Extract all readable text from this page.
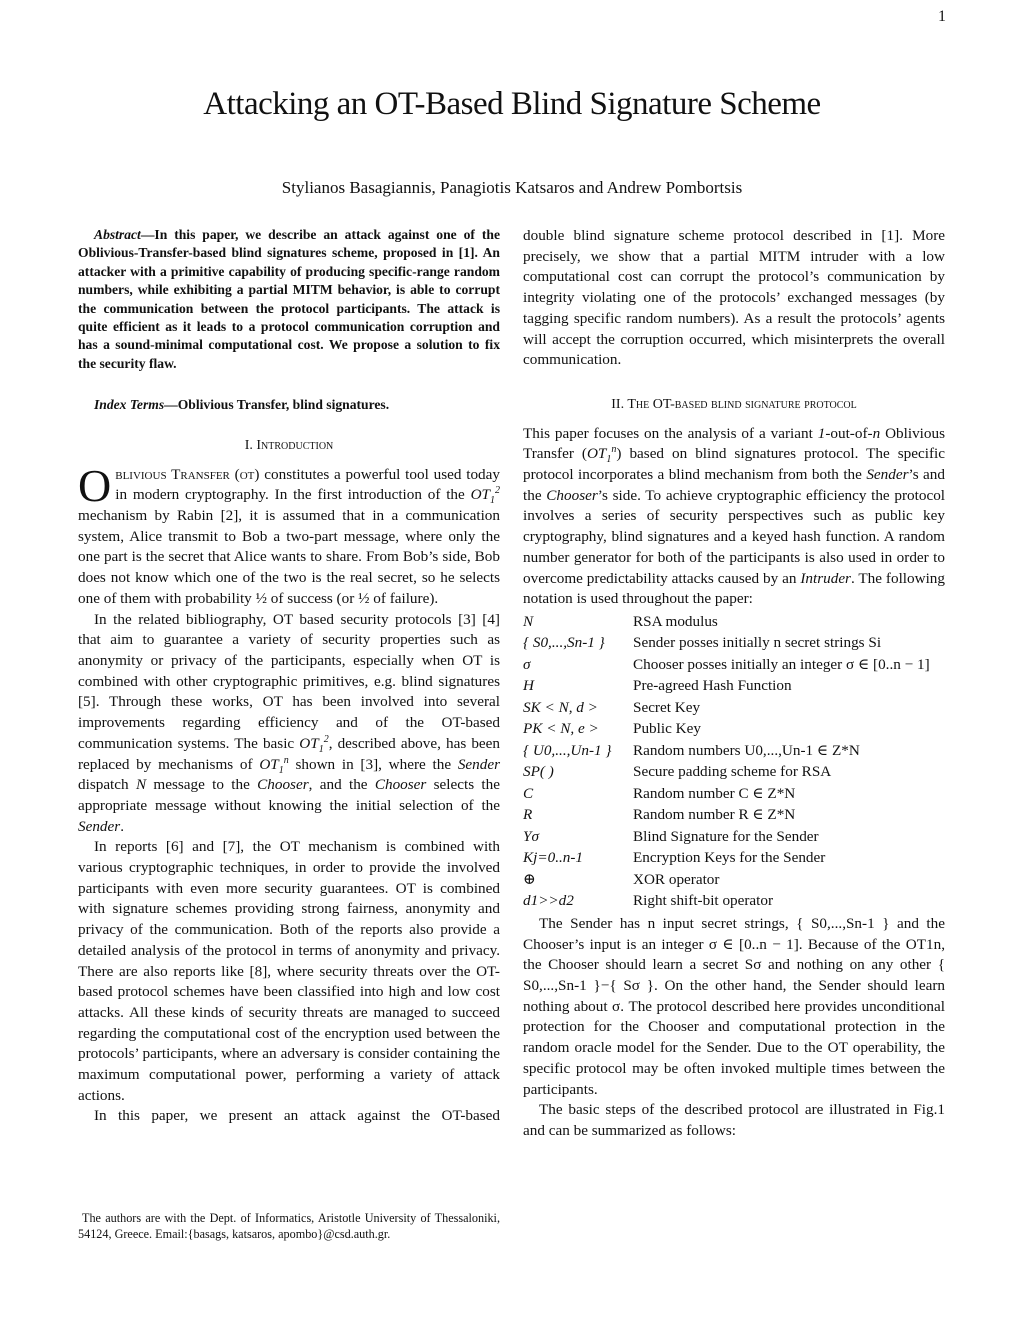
1
Attacking an OT-Based Blind Signature Scheme
Stylianos Basagiannis, Panagiotis Katsaros and Andrew Pombortsis

Abstract—In this paper, we describe an attack against one of the Oblivious-Transfer-based blind signatures scheme, proposed in [1]. An attacker with a primitive capability of producing specific-range random numbers, while exhibiting a partial MITM behavior, is able to corrupt the communication between the protocol participants. The attack is quite efficient as it leads to a protocol communication corruption and has a sound-minimal computational cost. We propose a solution to fix the security flaw.

Index Terms—Oblivious Transfer, blind signatures.

I. Introduction

Oblivious Transfer (ot) constitutes a powerful tool used today in modern cryptography. In the first introduction of the $OT_1^2$ mechanism by Rabin [2], it is assumed that in a communication system, Alice transmit to Bob a two-part message, where only the one part is the secret that Alice wants to share. From Bob’s side, Bob does not know which one of the two is the real secret, so he selects one of them with probability ½ of success (or ½ of failure).

In the related bibliography, OT based security protocols [3] [4] that aim to guarantee a variety of security properties such as anonymity or privacy of the participants, especially when OT is combined with other cryptographic primitives, e.g. blind signatures [5]. Through these works, OT has been involved into several improvements regarding efficiency and of the OT-based communication systems. The basic $OT_1^2$, described above, has been replaced by mechanisms of $OT_1^n$ shown in [3], where the Sender dispatch N message to the Chooser, and the Chooser selects the appropriate message without knowing the initial selection of the Sender.

In reports [6] and [7], the OT mechanism is combined with various cryptographic techniques, in order to provide the involved participants with even more security guarantees. OT is combined with signature schemes providing strong fairness, anonymity and privacy of the communication. Both of the reports also provide a detailed analysis of the protocol in terms of anonymity and privacy. There are also reports like [8], where security threats over the OT-based protocol schemes have been classified into high and low cost attacks. All these kinds of security threats are managed to succeed regarding the computational cost of the encryption used between the protocols’ participants, where an adversary is consider containing the maximum computational power, performing a variety of attack actions.

In this paper, we present an attack against the OT-based

The authors are with the Dept. of Informatics, Aristotle University of Thessaloniki, 54124, Greece. Email:{basags, katsaros, apombo}@csd.auth.gr.

double blind signature scheme protocol described in [1]. More precisely, we show that a partial MITM intruder with a low computational cost can corrupt the protocol’s communication by integrity violating one of the protocols’ exchanged messages (by tagging specific random numbers). As a result the protocols’ agents will accept the corruption occurred, which misinterprets the overall communication.

II. The OT-based blind signature protocol

This paper focuses on the analysis of a variant 1-out-of-n Oblivious Transfer $(OT_1^n)$ based on blind signatures protocol. The specific protocol incorporates a blind mechanism from both the Sender’s and the Chooser’s side. To achieve cryptographic efficiency the protocol involves a series of security perspectives such as public key cryptography, blind signatures and a keyed hash function. A random number generator for both of the participants is also used in order to overcome predictability attacks caused by an Intruder. The following notation is used throughout the paper:

N	RSA modulus
{ S0,...,Sn-1 }	Sender posses initially n secret strings Si
σ	Chooser posses initially an integer σ ∈ [0..n − 1]
H	Pre-agreed Hash Function
SK < N, d >	Secret Key
PK < N, e >	Public Key
{ U0,...,Un-1 }	Random numbers U0,...,Un-1 ∈ Z*N
SP( )	Secure padding scheme for RSA
C	Random number C ∈ Z*N
R	Random number R ∈ Z*N
Yσ	Blind Signature for the Sender
Kj=0..n-1	Encryption Keys for the Sender
⊕	XOR operator
d1>>d2	Right shift-bit operator

The Sender has n input secret strings, { S0,...,Sn-1 } and the Chooser’s input is an integer σ ∈ [0..n − 1]. Because of the OT1n, the Chooser should learn a secret Sσ and nothing on any other { S0,...,Sn-1 }−{ Sσ }. On the other hand, the Sender should learn nothing about σ. The protocol described here provides unconditional protection for the Chooser and computational protection in the random oracle model for the Sender. Due to the OT operability, the specific protocol may be often invoked multiple times between the participants.

The basic steps of the described protocol are illustrated in Fig.1 and can be summarized as follows:
